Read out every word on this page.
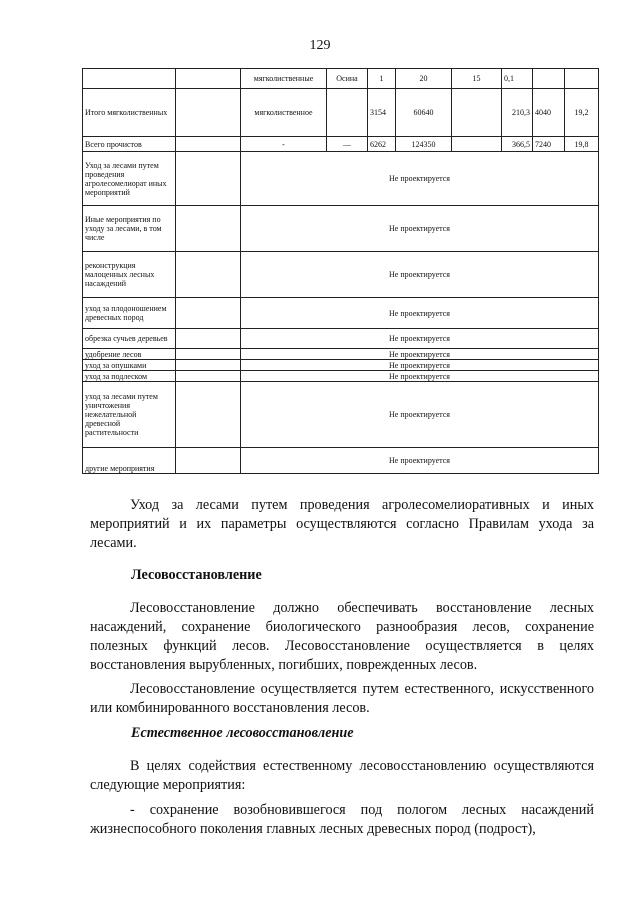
129
		мягколиственные	Осина	1	20	15	0,1		
Итого мягколиственных		мягколиственное		3154	60640		210,3	4040	19,2
Всего прочистов		-	—	6262	124350		366,5	7240	19,8
Уход за лесами путем проведения агролесомелиорат иных мероприятий		Не проектируется							
Иные мероприятия по уходу за лесами, в том числе		Не проектируется							
реконструкция малоценных лесных насаждений		Не проектируется							
уход за плодоношением древесных пород		Не проектируется							
обрезка сучьев деревьев		Не проектируется							
удобрение лесов		Не проектируется							
уход за опушками		Не проектируется							
уход за подлеском		Не проектируется							
уход за лесами путем уничтожения нежелательной древесной растительности		Не проектируется							
другие мероприятия		Не проектируется							
Уход за лесами путем проведения агролесомелиоративных и иных мероприятий и их параметры осуществляются согласно Правилам ухода за лесами.
Лесовосстановление
Лесовосстановление должно обеспечивать восстановление лесных насаждений, сохранение биологического разнообразия лесов, сохранение полезных функций лесов. Лесовосстановление осуществляется в целях восстановления вырубленных, погибших, поврежденных лесов.
Лесовосстановление осуществляется путем естественного, искусственного или комбинированного восстановления лесов.
Естественное лесовосстановление
В целях содействия естественному лесовосстановлению осуществляются следующие мероприятия:
- сохранение возобновившегося под пологом лесных насаждений жизнеспособного поколения главных лесных древесных пород (подрост),
